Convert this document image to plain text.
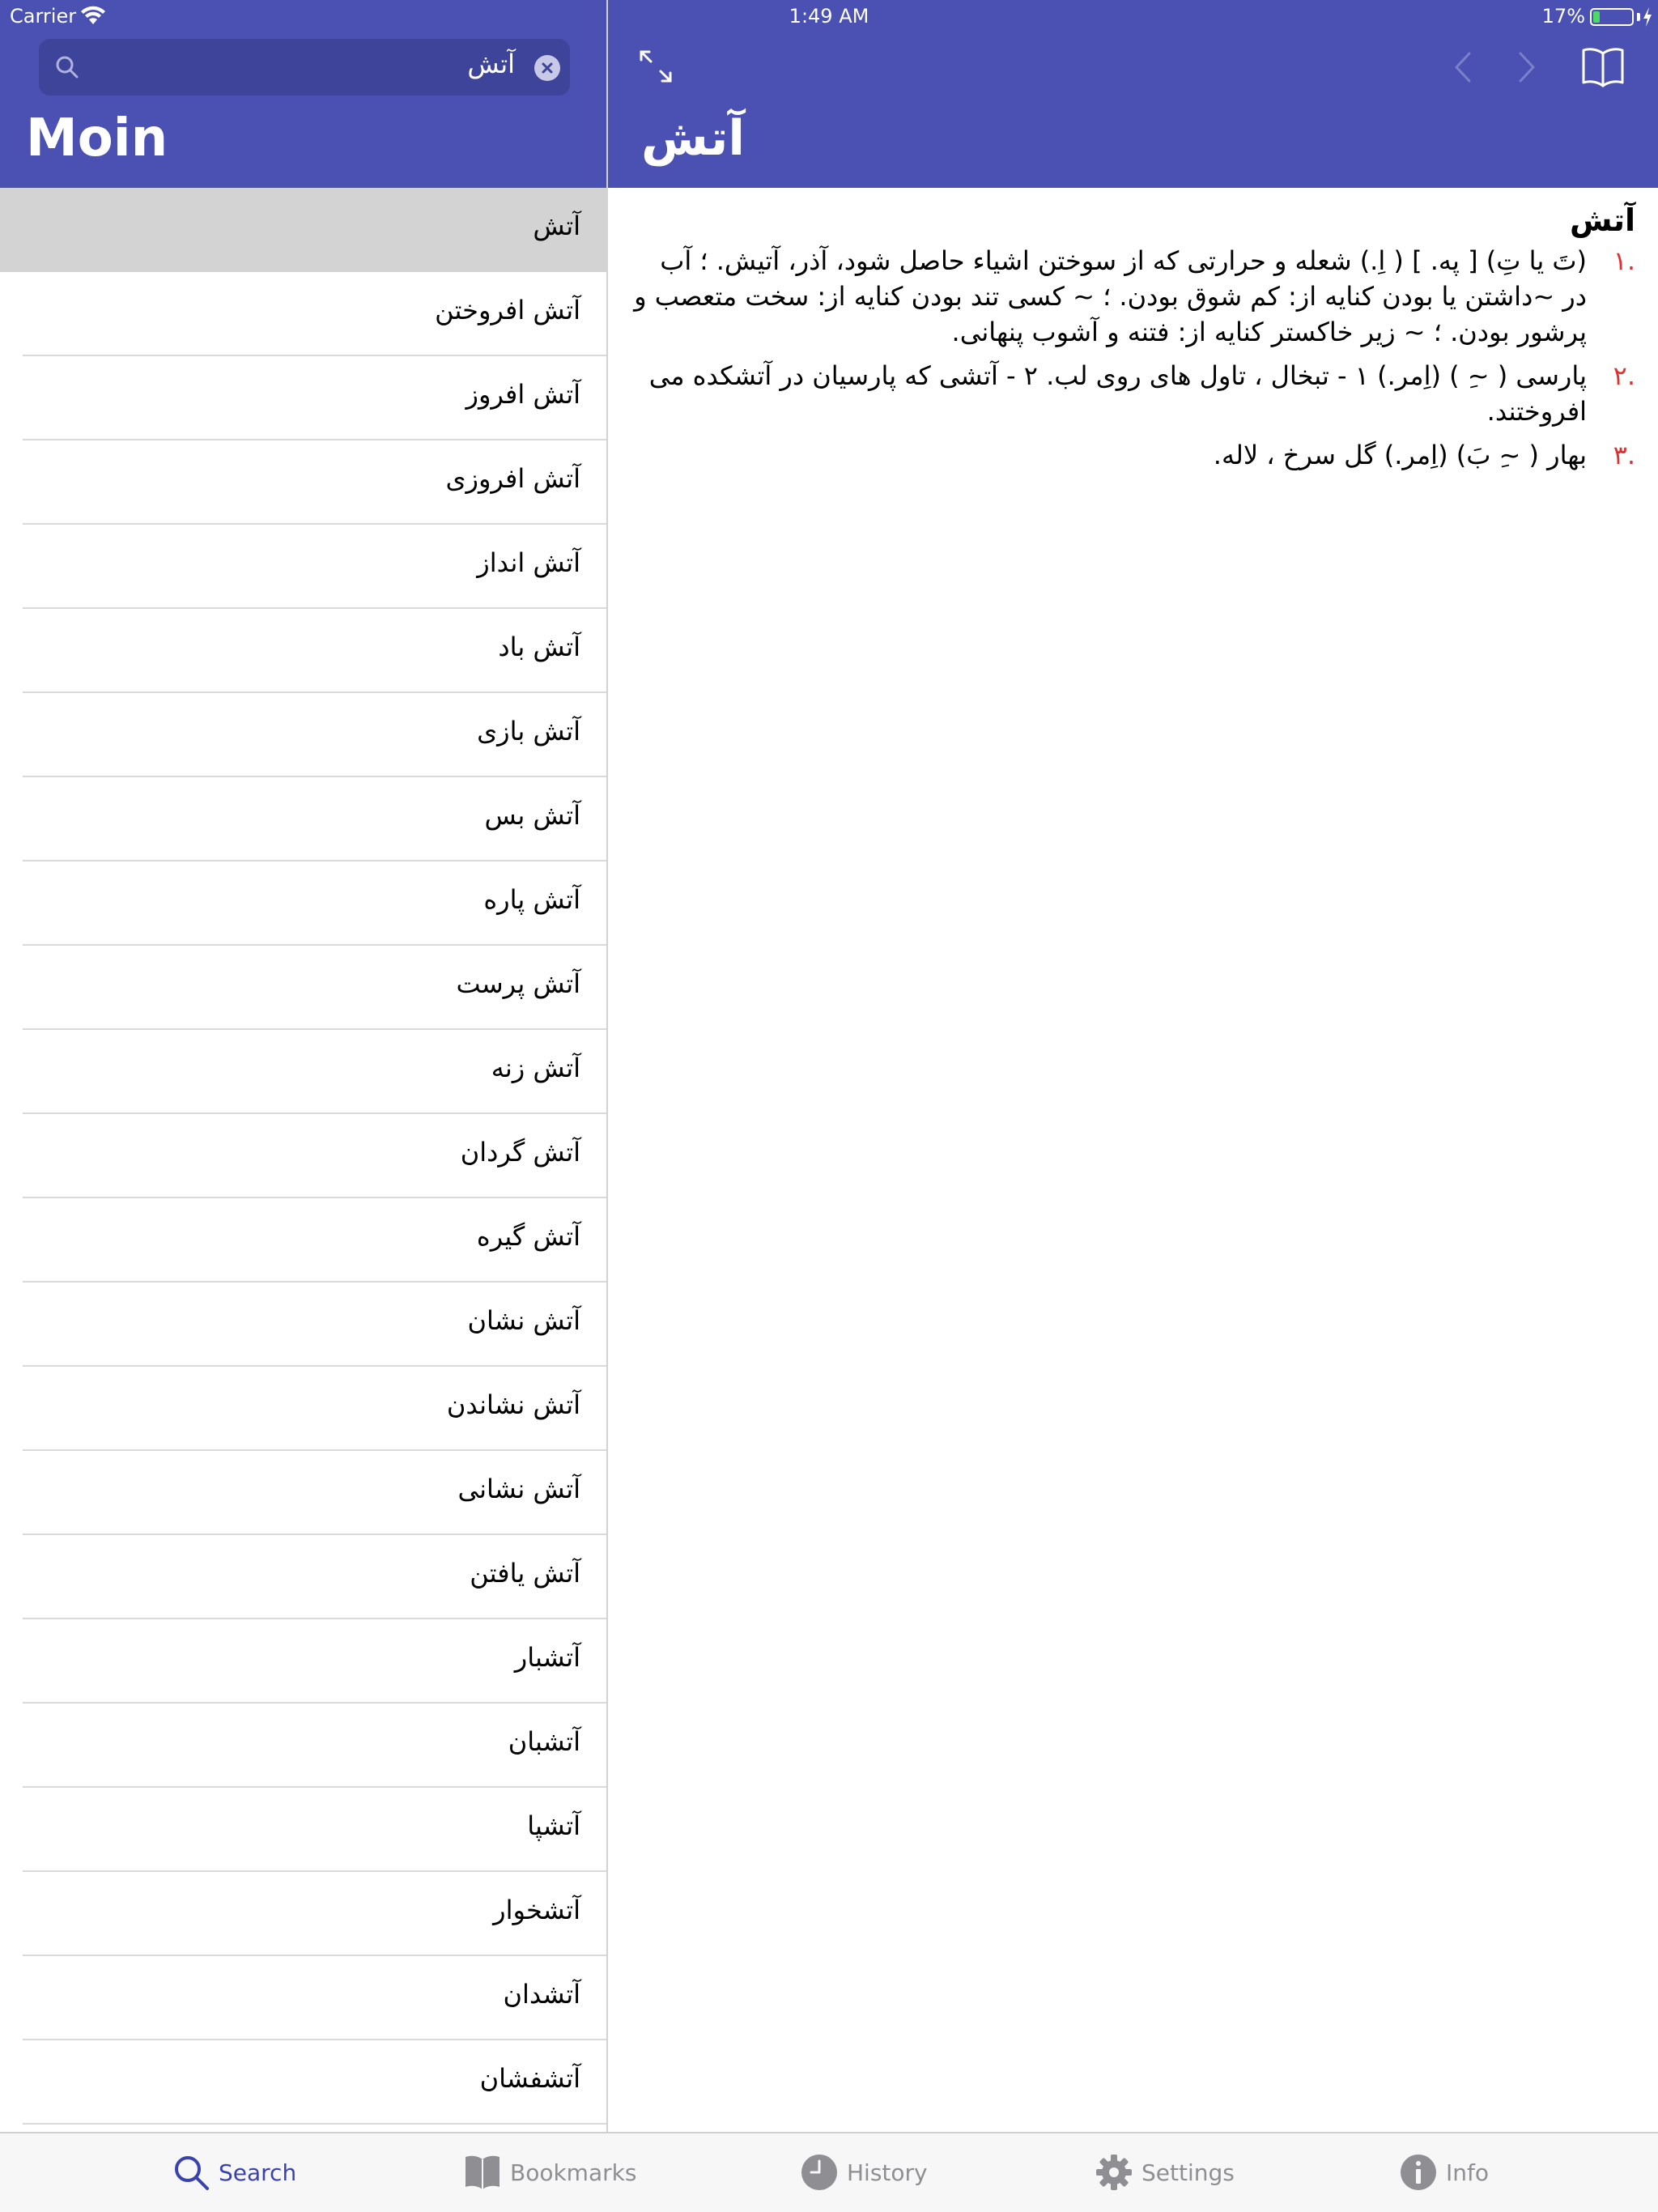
Carrier	1:49 AM	17%
آتش
Moin	آتش
آتش
آتش افروختن
آتش افروز
آتش افروزی
آتش انداز
آتش باد
آتش بازی
آتش بس
آتش پاره
آتش پرست
آتش زنه
آتش گردان
آتش گیره
آتش نشان
آتش نشاندن
آتش نشانی
آتش یافتن
آتشبار
آتشبان
آتشپا
آتشخوار
آتشدان
آتشفشان
آتش
.۱
(تَ یا تِ) [ په. ] ( اِ.) شعله و حرارتی که از سوختن اشیاء حاصل شود، آذر، آتیش. ؛ آب در ~داشتن یا بودن کنایه از: کم شوق بودن. ؛ ~ کسی تند بودن کنایه از: سخت متعصب و پرشور بودن. ؛ ~ زیر خاکستر کنایه از: فتنه و آشوب پنهانی.
.۲
پارسی ( ~ِ ) (اِمر.) ۱ - تبخال ، تاول های روی لب. ۲ - آتشی که پارسیان در آتشکده می افروختند.
.۳
بهار ( ~ِ بَ) (اِمر.) گل سرخ ، لاله.
Search	Bookmarks	History	Settings	Info
